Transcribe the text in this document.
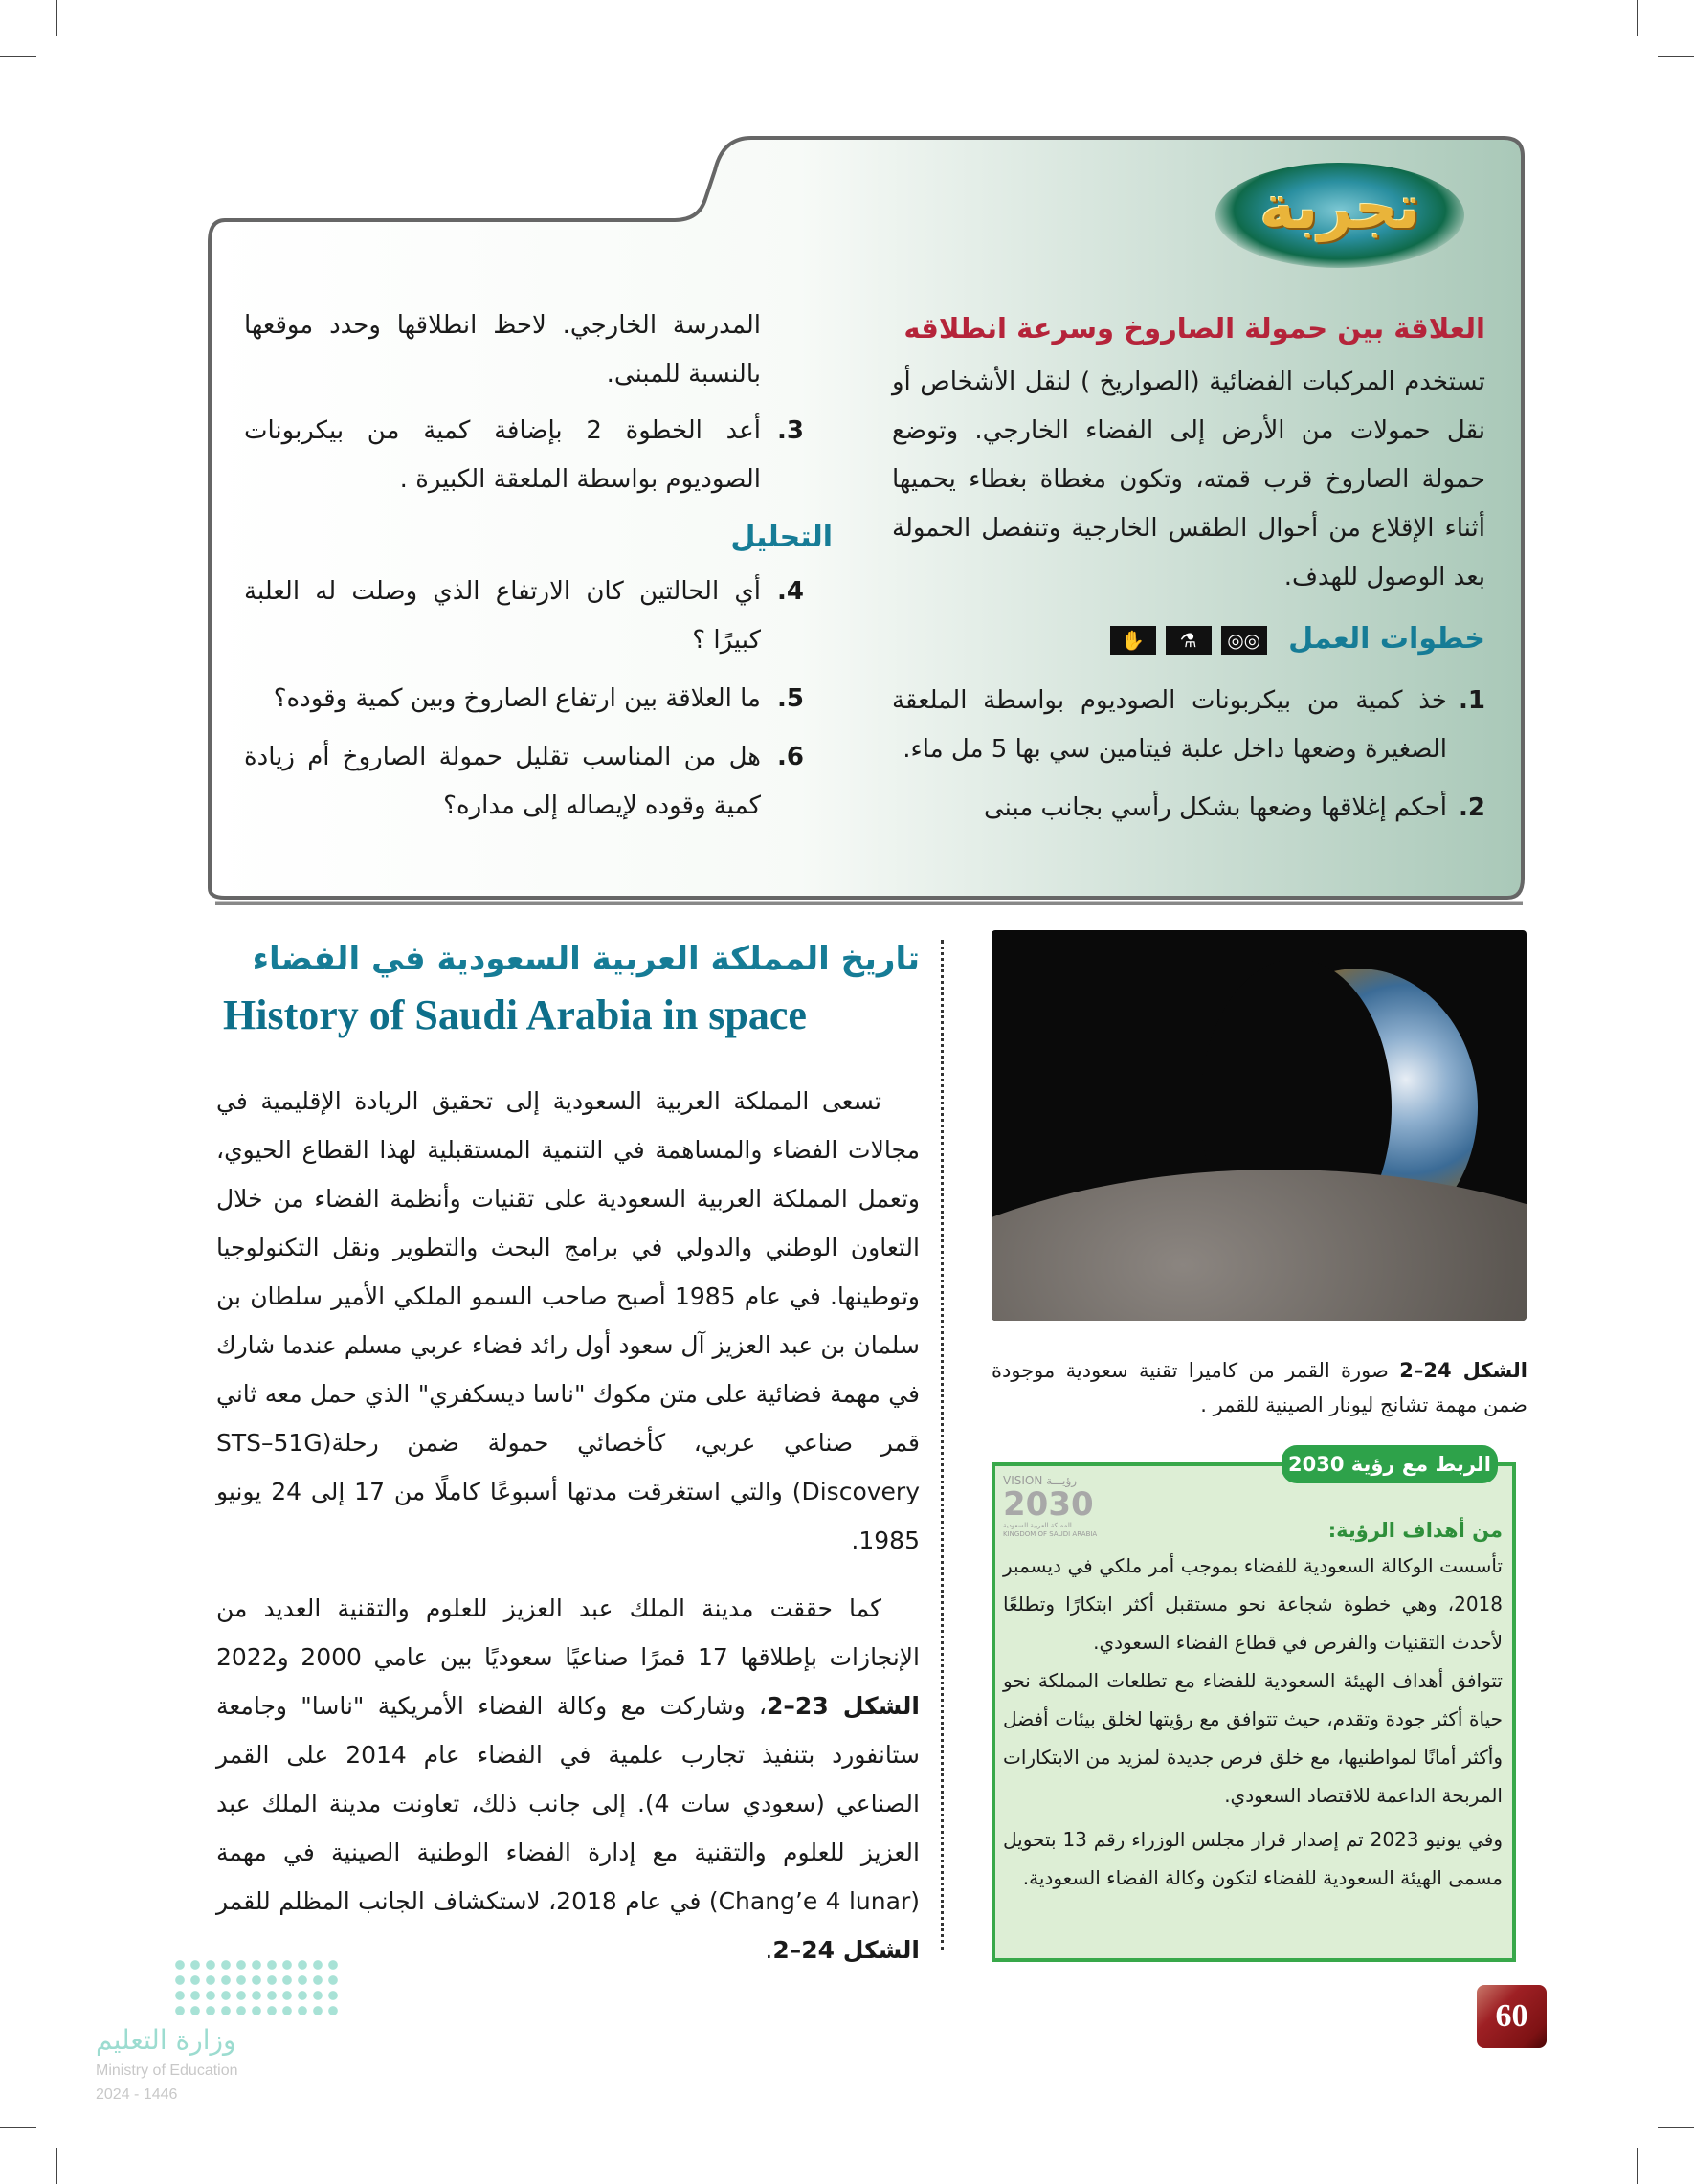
تجربة
العلاقة بين حمولة الصاروخ وسرعة انطلاقه

تستخدم المركبات الفضائية (الصواريخ ) لنقل الأشخاص أو نقل حمولات من الأرض إلى الفضاء الخارجي. وتوضع حمولة الصاروخ قرب قمته، وتكون مغطاة بغطاء يحميها أثناء الإقلاع من أحوال الطقس الخارجية وتنفصل الحمولة بعد الوصول للهدف.

خطوات العمل
◎◎
⚗
✋
1.
خذ كمية من بيكربونات الصوديوم بواسطة الملعقة الصغيرة وضعها داخل علبة فيتامين سي بها 5 مل ماء.
2.
أحكم إغلاقها وضعها بشكل رأسي بجانب مبنى

المدرسة الخارجي. لاحظ انطلاقها وحدد موقعها بالنسبة للمبنى.

3.
أعد الخطوة 2 بإضافة كمية من بيكربونات الصوديوم بواسطة الملعقة الكبيرة .
التحليل
4.
أي الحالتين كان الارتفاع الذي وصلت له العلبة كبيرًا ؟
5.
ما العلاقة بين ارتفاع الصاروخ وبين كمية وقوده؟
6.
هل من المناسب تقليل حمولة الصاروخ أم زيادة كمية وقوده لإيصاله إلى مداره؟
الشكل 24–2 صورة القمر من كاميرا تقنية سعودية موجودة ضمن مهمة تشانج ليونار الصينية للقمر .
VISION رؤيـــة
2030
المملكة العربية السعودية
KINGDOM OF SAUDI ARABIA	من أهداف الرؤية:

تأسست الوكالة السعودية للفضاء بموجب أمر ملكي في ديسمبر 2018، وهي خطوة شجاعة نحو مستقبل أكثر ابتكارًا وتطلعًا لأحدث التقنيات والفرص في قطاع الفضاء السعودي.

تتوافق أهداف الهيئة السعودية للفضاء مع تطلعات المملكة نحو حياة أكثر جودة وتقدم، حيث تتوافق مع رؤيتها لخلق بيئات أفضل وأكثر أمانًا لمواطنيها، مع خلق فرص جديدة لمزيد من الابتكارات المربحة الداعمة للاقتصاد السعودي.

وفي يونيو 2023 تم إصدار قرار مجلس الوزراء رقم 13 بتحويل مسمى الهيئة السعودية للفضاء لتكون وكالة الفضاء السعودية.

الربط مع رؤية 2030
تاريخ المملكة العربية السعودية في الفضاء
History of Saudi Arabia in space

تسعى المملكة العربية السعودية إلى تحقيق الريادة الإقليمية في مجالات الفضاء والمساهمة في التنمية المستقبلية لهذا القطاع الحيوي، وتعمل المملكة العربية السعودية على تقنيات وأنظمة الفضاء من خلال التعاون الوطني والدولي في برامج البحث والتطوير ونقل التكنولوجيا وتوطينها. في عام 1985 أصبح صاحب السمو الملكي الأمير سلطان بن سلمان بن عبد العزيز آل سعود أول رائد فضاء عربي مسلم عندما شارك في مهمة فضائية على متن مكوك "ناسا ديسكفري" الذي حمل معه ثاني قمر صناعي عربي، كأخصائي حمولة ضمن رحلة(STS–51G Discovery) والتي استغرقت مدتها أسبوعًا كاملًا من 17 إلى 24 يونيو 1985.

كما حققت مدينة الملك عبد العزيز للعلوم والتقنية العديد من الإنجازات بإطلاقها 17 قمرًا صناعيًا سعوديًا بين عامي 2000 و2022 الشكل 23–2، وشاركت مع وكالة الفضاء الأمريكية "ناسا" وجامعة ستانفورد بتنفيذ تجارب علمية في الفضاء عام 2014 على القمر الصناعي (سعودي سات 4). إلى جانب ذلك، تعاونت مدينة الملك عبد العزيز للعلوم والتقنية مع إدارة الفضاء الوطنية الصينية في مهمة (Chang’e 4 lunar) في عام 2018، لاستكشاف الجانب المظلم للقمر الشكل 24–2.

وزارة التعليم
Ministry of Education
2024 - 1446
60
